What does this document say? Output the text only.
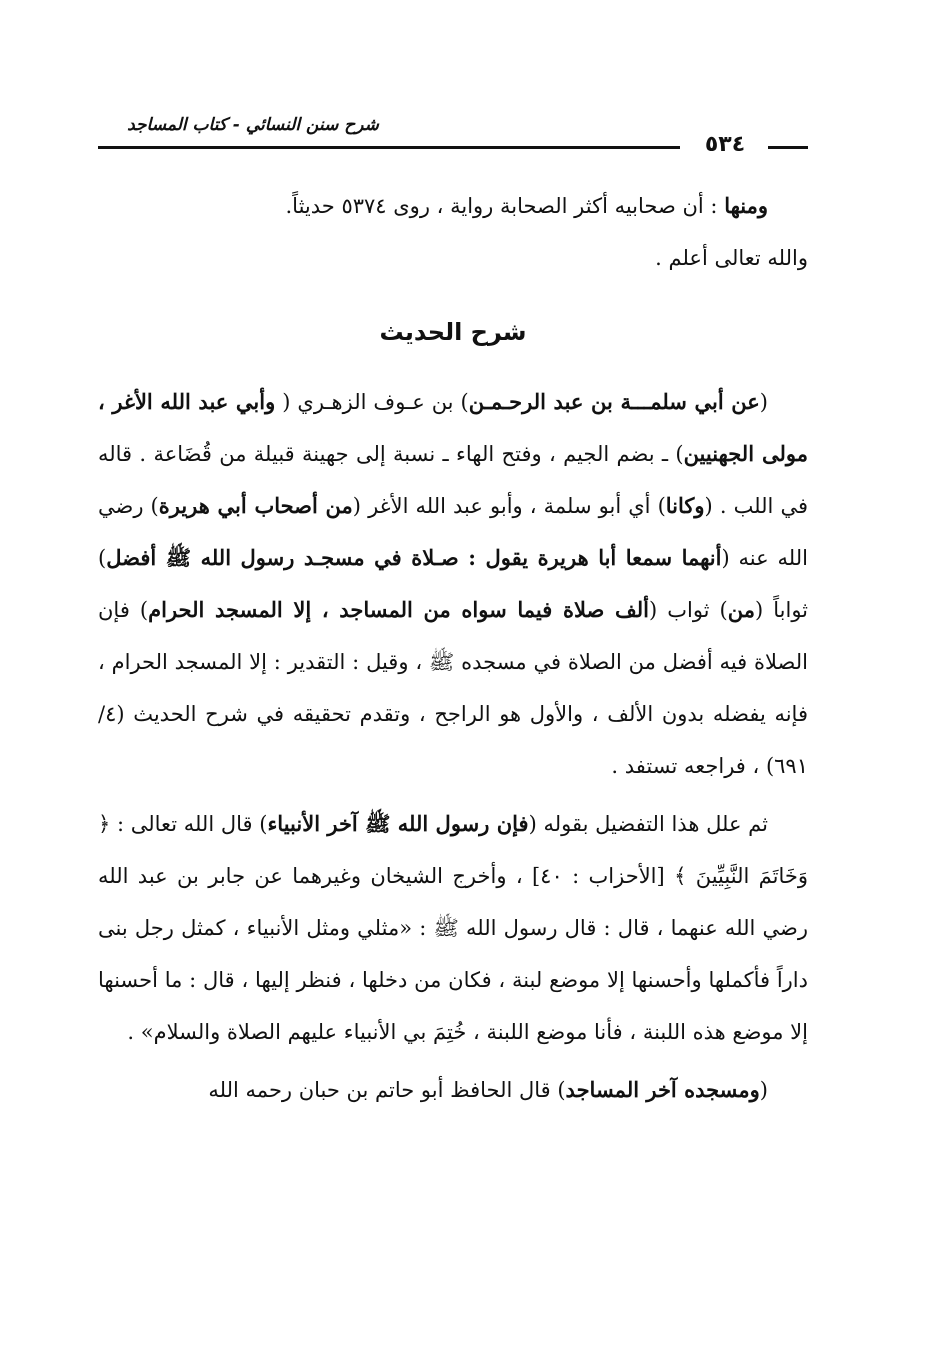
شرح سنن النسائي - كتاب المساجد
٥٣٤

ومنها : أن صحابيه أكثر الصحابة رواية ، روى ٥٣٧٤ حديثاً.
والله تعالى أعلم .

شرح الحديث

(عن أبي سلمـــة بن عبد الرحـمـن) بن عـوف الزهـري ( وأبي عبد الله الأغر ، مولى الجهنيين) ـ بضم الجيم ، وفتح الهاء ـ نسبة إلى جهينة قبيلة من قُضَاعة . قاله في اللب . (وكانا) أي أبو سلمة ، وأبو عبد الله الأغر (من أصحاب أبي هريرة) رضي الله عنه (أنهما سمعا أبا هريرة يقول : صـلاة في مسجـد رسول الله ﷺ أفضل) ثواباً (من) ثواب (ألف صلاة فيما سواه من المساجد ، إلا المسجد الحرام) فإن الصلاة فيه أفضل من الصلاة في مسجده ﷺ ، وقيل : التقدير : إلا المسجد الحرام ، فإنه يفضله بدون الألف ، والأول هو الراجح ، وتقدم تحقيقه في شرح الحديث (٤/ ٦٩١) ، فراجعه تستفد .

ثم علل هذا التفضيل بقوله (فإن رسول الله ﷺ آخر الأنبياء) قال الله تعالى : ﴿ وَخَاتَمَ النَّبِيِّينَ ﴾ [الأحزاب : ٤٠] ، وأخرج الشيخان وغيرهما عن جابر بن عبد الله رضي الله عنهما ، قال : قال رسول الله ﷺ : «مثلي ومثل الأنبياء ، كمثل رجل بنى داراً فأكملها وأحسنها إلا موضع لبنة ، فكان من دخلها ، فنظر إليها ، قال : ما أحسنها إلا موضع هذه اللبنة ، فأنا موضع اللبنة ، خُتِمَ بي الأنبياء عليهم الصلاة والسلام» .

(ومسجده آخر المساجد) قال الحافظ أبو حاتم بن حبان رحمه الله
